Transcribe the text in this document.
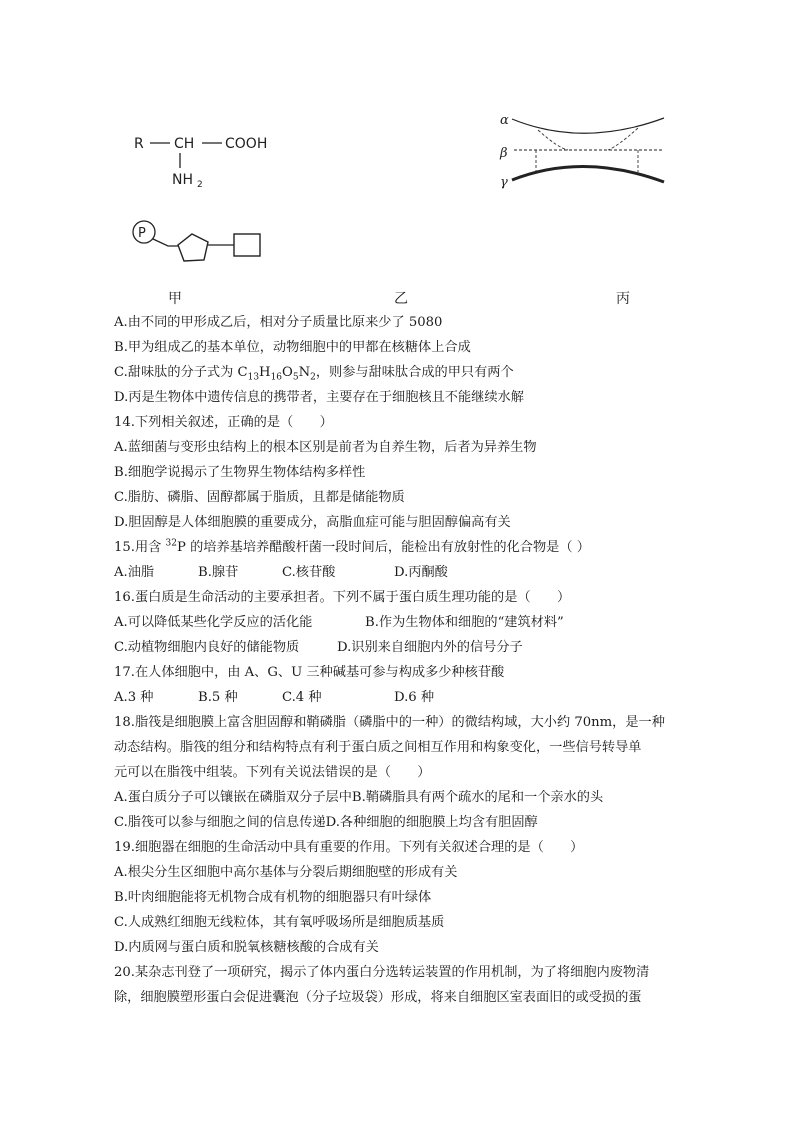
R CH COOH
NH 2
P
α
β
γ
甲	乙	丙
A.由不同的甲形成乙后，相对分子质量比原来少了 5080
B.甲为组成乙的基本单位，动物细胞中的甲都在核糖体上合成
C.甜味肽的分子式为 $C_{13}H_{16}O_5N_2$，则参与甜味肽合成的甲只有两个
D.丙是生物体中遗传信息的携带者，主要存在于细胞核且不能继续水解
14.下列相关叙述，正确的是（　　）
A.蓝细菌与变形虫结构上的根本区别是前者为自养生物，后者为异养生物
B.细胞学说揭示了生物界生物体结构多样性
C.脂肪、磷脂、固醇都属于脂质，且都是储能物质
D.胆固醇是人体细胞膜的重要成分，高脂血症可能与胆固醇偏高有关
15.用含 $^{32}$P 的培养基培养醋酸杆菌一段时间后，能检出有放射性的化合物是（ ）
A.油脂	B.腺苷	C.核苷酸	D.丙酮酸
16.蛋白质是生命活动的主要承担者。下列不属于蛋白质生理功能的是（　　）
A.可以降低某些化学反应的活化能	B.作为生物体和细胞的“建筑材料”
C.动植物细胞内良好的储能物质	D.识别来自细胞内外的信号分子
17.在人体细胞中，由 A、G、U 三种碱基可参与构成多少种核苷酸
A.3 种	B.5 种	C.4 种	D.6 种
18.脂筏是细胞膜上富含胆固醇和鞘磷脂（磷脂中的一种）的微结构域，大小约 70nm，是一种
动态结构。脂筏的组分和结构特点有利于蛋白质之间相互作用和构象变化，一些信号转导单
元可以在脂筏中组装。下列有关说法错误的是（　　）
A.蛋白质分子可以镶嵌在磷脂双分子层中B.鞘磷脂具有两个疏水的尾和一个亲水的头
C.脂筏可以参与细胞之间的信息传递D.各种细胞的细胞膜上均含有胆固醇
19.细胞器在细胞的生命活动中具有重要的作用。下列有关叙述合理的是（　　）
A.根尖分生区细胞中高尔基体与分裂后期细胞壁的形成有关
B.叶肉细胞能将无机物合成有机物的细胞器只有叶绿体
C.人成熟红细胞无线粒体，其有氧呼吸场所是细胞质基质
D.内质网与蛋白质和脱氧核糖核酸的合成有关
20.某杂志刊登了一项研究，揭示了体内蛋白分选转运装置的作用机制，为了将细胞内废物清
除，细胞膜塑形蛋白会促进囊泡（分子垃圾袋）形成，将来自细胞区室表面旧的或受损的蛋
